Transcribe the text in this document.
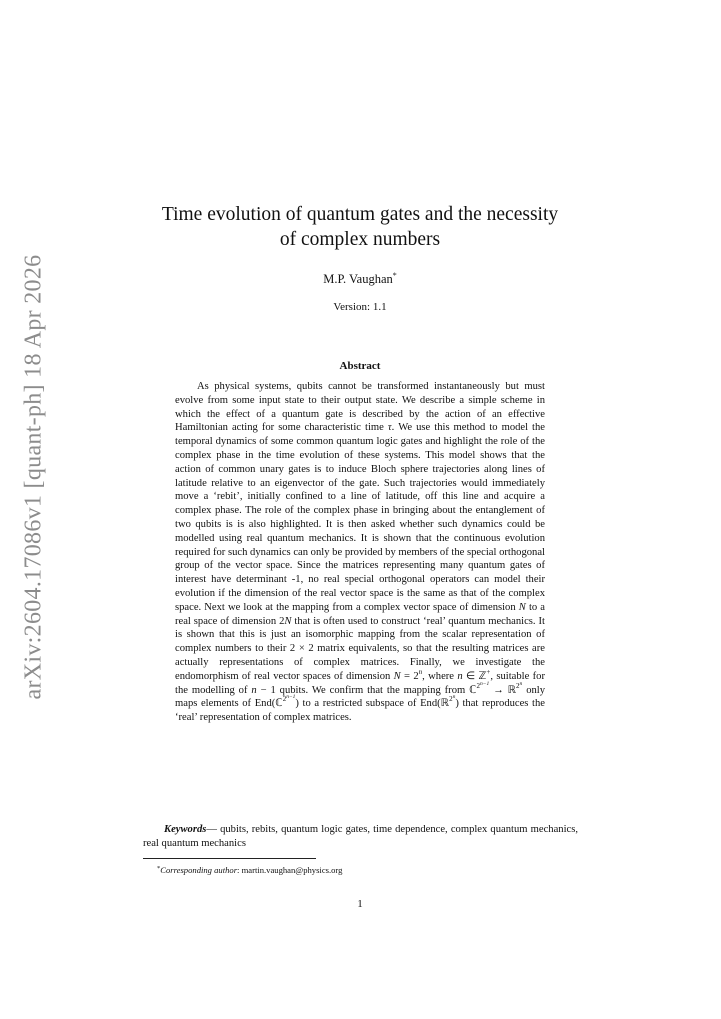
arXiv:2604.17086v1 [quant-ph] 18 Apr 2026
Time evolution of quantum gates and the necessity
of complex numbers
M.P. Vaughan*
Version: 1.1
Abstract

As physical systems, qubits cannot be transformed instantaneously but must evolve from some input state to their output state. We describe a simple scheme in which the effect of a quantum gate is described by the action of an effective Hamiltonian acting for some characteristic time τ. We use this method to model the temporal dynamics of some common quantum logic gates and highlight the role of the complex phase in the time evolution of these systems. This model shows that the action of common unary gates is to induce Bloch sphere trajectories along lines of latitude relative to an eigenvector of the gate. Such trajectories would immediately move a ‘rebit’, initially confined to a line of latitude, off this line and acquire a complex phase. The role of the complex phase in bringing about the entanglement of two qubits is is also highlighted. It is then asked whether such dynamics could be modelled using real quantum mechanics. It is shown that the continuous evolution required for such dynamics can only be provided by members of the special orthogonal group of the vector space. Since the matrices representing many quantum gates of interest have determinant -1, no real special orthogonal operators can model their evolution if the dimension of the real vector space is the same as that of the complex space. Next we look at the mapping from a complex vector space of dimension N to a real space of dimension 2N that is often used to construct ‘real’ quantum mechanics. It is shown that this is just an isomorphic mapping from the scalar representation of complex numbers to their 2 × 2 matrix equivalents, so that the resulting matrices are actually representations of complex matrices. Finally, we investigate the endomorphism of real vector spaces of dimension $N = 2^n$, where n ∈ ℤ+, suitable for the modelling of n − 1 qubits. We confirm that the mapping from ℂ$^{2^{n-1}}$ → ℝ$^{2^n}$ only maps elements of End(ℂ$^{2^{n-1}}$) to a restricted subspace of End(ℝ$^{2^n}$) that reproduces the ‘real’ representation of complex matrices.

Keywords— qubits, rebits, quantum logic gates, time dependence, complex quantum mechanics, real quantum mechanics

*Corresponding author: martin.vaughan@physics.org
1
